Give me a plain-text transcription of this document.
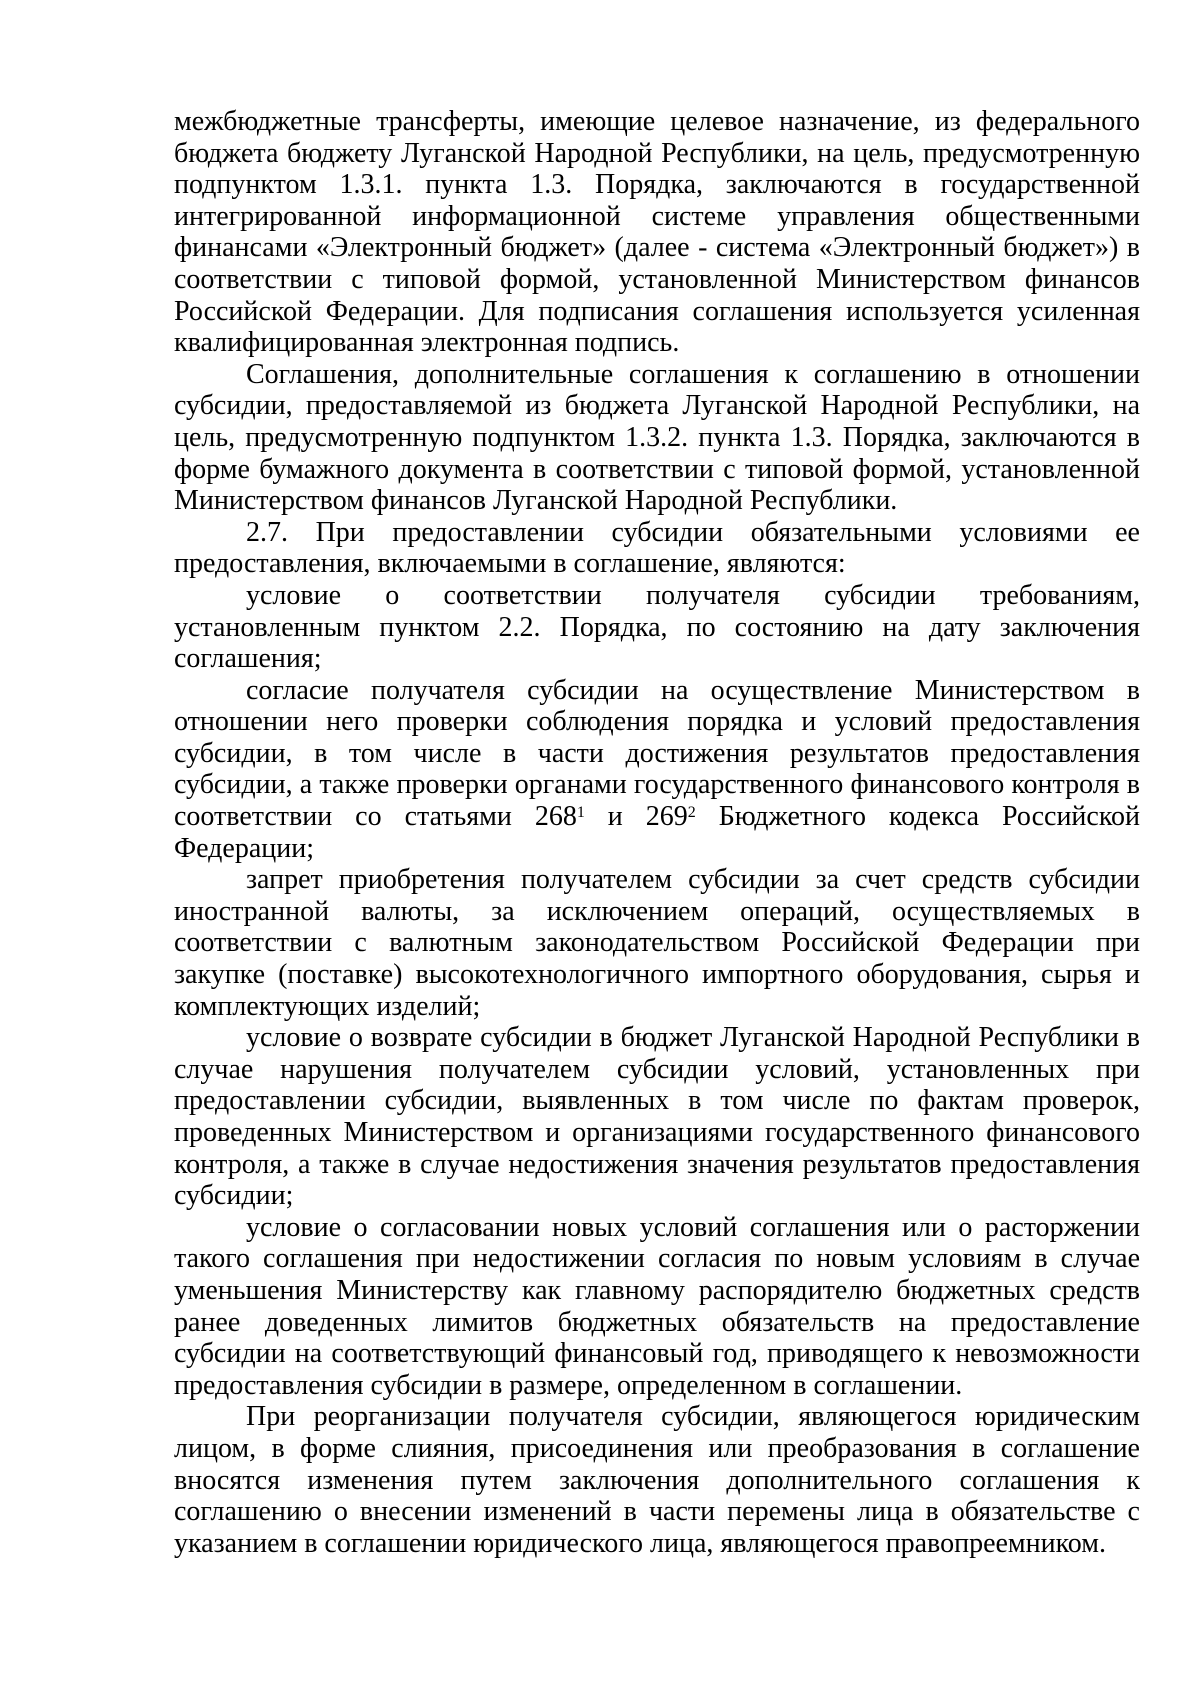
межбюджетные трансферты, имеющие целевое назначение, из федерального бюджета бюджету Луганской Народной Республики, на цель, предусмотренную подпунктом 1.3.1. пункта 1.3. Порядка, заключаются в государственной интегрированной информационной системе управления общественными финансами «Электронный бюджет» (далее - система «Электронный бюджет») в соответствии с типовой формой, установленной Министерством финансов Российской Федерации. Для подписания соглашения используется усиленная квалифицированная электронная подпись.

Соглашения, дополнительные соглашения к соглашению в отношении субсидии, предоставляемой из бюджета Луганской Народной Республики, на цель, предусмотренную подпунктом 1.3.2. пункта 1.3. Порядка, заключаются в форме бумажного документа в соответствии с типовой формой, установленной Министерством финансов Луганской Народной Республики.

2.7. При предоставлении субсидии обязательными условиями ее предоставления, включаемыми в соглашение, являются:

условие о соответствии получателя субсидии требованиям, установленным пунктом 2.2. Порядка, по состоянию на дату заключения соглашения;

согласие получателя субсидии на осуществление Министерством в отношении него проверки соблюдения порядка и условий предоставления субсидии, в том числе в части достижения результатов предоставления субсидии, а также проверки органами государственного финансового контроля в соответствии со статьями $268^1$ и $269^2$ Бюджетного кодекса Российской Федерации;

запрет приобретения получателем субсидии за счет средств субсидии иностранной валюты, за исключением операций, осуществляемых в соответствии с валютным законодательством Российской Федерации при закупке (поставке) высокотехнологичного импортного оборудования, сырья и комплектующих изделий;

условие о возврате субсидии в бюджет Луганской Народной Республики в случае нарушения получателем субсидии условий, установленных при предоставлении субсидии, выявленных в том числе по фактам проверок, проведенных Министерством и организациями государственного финансового контроля, а также в случае недостижения значения результатов предоставления субсидии;

условие о согласовании новых условий соглашения или о расторжении такого соглашения при недостижении согласия по новым условиям в случае уменьшения Министерству как главному распорядителю бюджетных средств ранее доведенных лимитов бюджетных обязательств на предоставление субсидии на соответствующий финансовый год, приводящего к невозможности предоставления субсидии в размере, определенном в соглашении.

При реорганизации получателя субсидии, являющегося юридическим лицом, в форме слияния, присоединения или преобразования в соглашение вносятся изменения путем заключения дополнительного соглашения к соглашению о внесении изменений в части перемены лица в обязательстве с указанием в соглашении юридического лица, являющегося правопреемником.
